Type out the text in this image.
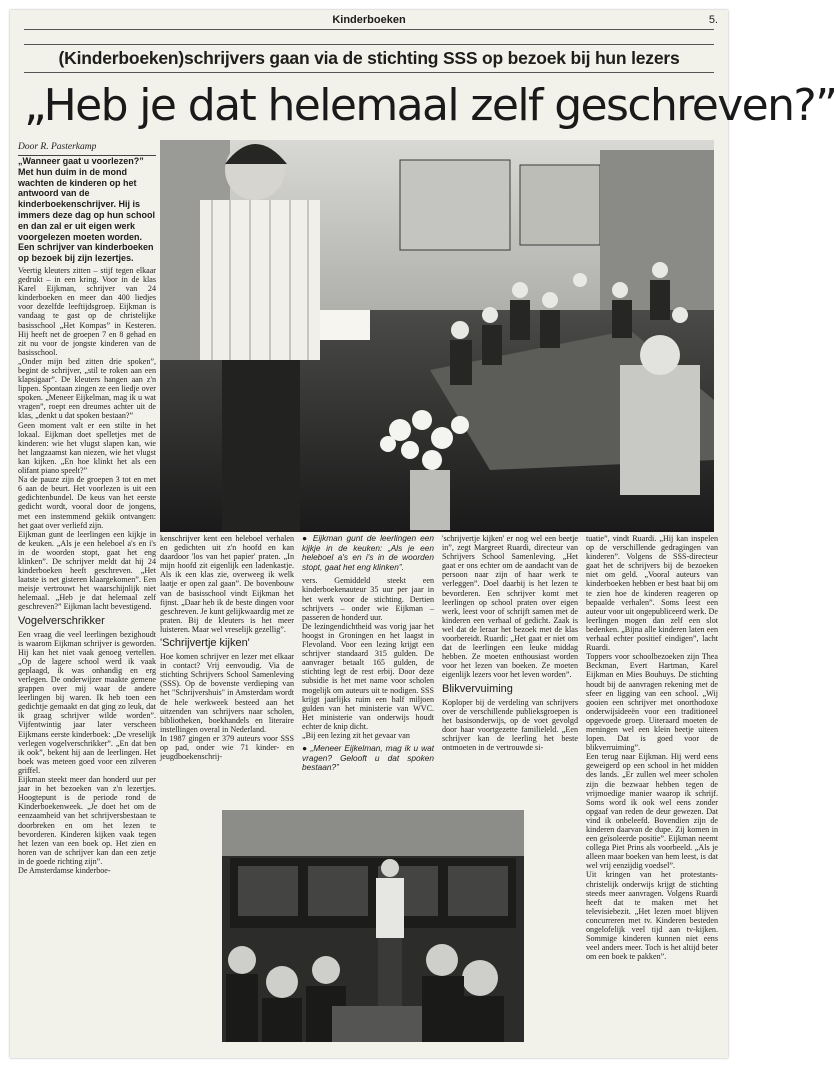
Kinderboeken	5.
(Kinderboeken)schrijvers gaan via de stichting SSS op bezoek bij hun lezers
„Heb je dat helemaal zelf geschreven?”

Door R. Pasterkamp

„Wanneer gaat u voorlezen?” Met hun duim in de mond wachten de kinderen op het antwoord van de kinderboekenschrijver. Hij is immers deze dag op hun school en dan zal er uit eigen werk voorgelezen moeten worden. Een schrijver van kinderboeken op bezoek bij zijn lezertjes.

Veertig kleuters zitten – stijf tegen elkaar gedrukt – in een kring. Voor in de klas Karel Eijkman, schrijver van 24 kinderboeken en meer dan 400 liedjes voor dezelfde leeftijdsgroep. Eijkman is vandaag te gast op de christelijke basisschool „Het Kompas” in Kesteren. Hij heeft net de groepen 7 en 8 gehad en zit nu voor de jongste kinderen van de basisschool.

„Onder mijn bed zitten drie spoken”, begint de schrijver, „stil te roken aan een klapsigaar”. De kleuters hangen aan z'n lippen. Spontaan zingen ze een liedje over spoken. „Meneer Eijkelman, mag ik u wat vragen”, roept een dreumes achter uit de klas, „denkt u dat spoken bestaan?”

Geen moment valt er een stilte in het lokaal. Eijkman doet spelletjes met de kinderen: wie het vlugst slapen kan, wie het langzaamst kan niezen, wie het vlugst kan kijken. „En hoe klinkt het als een olifant piano speelt?”

Na de pauze zijn de groepen 3 tot en met 6 aan de beurt. Het voorlezen is uit een gedichtenbundel. De keus van het eerste gedicht wordt, vooral door de jongens, met een instemmend gekiik ontvangen: het gaat over verliefd zijn.

Eijkman gunt de leerlingen een kijkje in de keuken. „Als je een heleboel a's en i's in de woorden stopt, gaat het eng klinken”. De schrijver meldt dat hij 24 kinderboeken heeft geschreven. „Het laatste is net gisteren klaargekomen”. Een meisje vertrouwt het waarschijnlijk niet helemaal. „Heb je dat helemaal zelf geschreven?” Eijkman lacht bevestigend.

Vogelverschrikker

Een vraag die veel leerlingen bezighoudt is waarom Eijkman schrijver is geworden. Hij kan het niet vaak genoeg vertellen. „Op de lagere school werd ik vaak geplaagd, ik was onhandig en erg verlegen. De onderwijzer maakte gemene grappen over mij waar de andere leerlingen bij waren. Ik heb toen een gedichtje gemaakt en dat ging zo leuk, dat ik graag schrijver wilde worden”. Vijfentwintig jaar later verscheen Eijkmans eerste kinderboek: „De vreselijk verlegen vogelverschrikker”. „En dat ben ik ook”, bekent hij aan de leerlingen. Het boek was meteen goed voor een zilveren griffel.

Eijkman steekt meer dan honderd uur per jaar in het bezoeken van z'n lezertjes. Hoogtepunt is de periode rond de Kinderboekenweek. „Je doet het om de eenzaamheid van het schrijversbestaan te doorbreken en om het lezen te bevorderen. Kinderen kijken vaak tegen het lezen van een boek op. Het zien en horen van de schrijver kan dan een zetje in de goede richting zijn”.

De Amsterdamse kinderboe-

kenschrijver kent een heleboel verhalen en gedichten uit z'n hoofd en kan daardoor 'los van het papier' praten. „In mijn hoofd zit eigenlijk een ladenkastje. Als ik een klas zie, overweeg ik welk laatje er open zal gaan”. De bovenbouw van de basisschool vindt Eijkman het fijnst. „Daar heb ik de beste dingen voor geschreven. Je kunt gelijkwaardig met ze praten. Bij de kleuters is het meer luisteren. Maar wel vreselijk gezellig”.

'Schrijvertje kijken'

Hoe komen schrijver en lezer met elkaar in contact? Vrij eenvoudig. Via de stichting Schrijvers School Samenleving (SSS). Op de bovenste verdieping van het "Schrijvershuis" in Amsterdam wordt de hele werkweek besteed aan het uitzenden van schrijvers naar scholen, bibliotheken, boekhandels en literaire instellingen overal in Nederland.

In 1987 gingen er 379 auteurs voor SSS op pad, onder wie 71 kinder- en jeugdboekenschrij-

● Eijkman gunt de leerlingen een kijkje in de keuken: „Als je een heleboel a's en i's in de woorden stopt, gaat het eng klinken”.

vers. Gemiddeld steekt een kinderboekenauteur 35 uur per jaar in het werk voor de stichting. Dertien schrijvers – onder wie Eijkman – passeren de honderd uur.

De lezingendichtheid was vorig jaar het hoogst in Groningen en het laagst in Flevoland. Voor een lezing krijgt een schrijver standaard 315 gulden. De aanvrager betaalt 165 gulden, de stichting legt de rest erbij. Door deze subsidie is het met name voor scholen mogelijk om auteurs uit te nodigen. SSS krijgt jaarlijks ruim een half miljoen gulden van het ministerie van WVC. Het ministerie van onderwijs houdt echter de knip dicht.

„Bij een lezing zit het gevaar van

● „Meneer Eijkelman, mag ik u wat vragen? Gelooft u dat spoken bestaan?”

'schrijvertje kijken' er nog wel een beetje in”, zegt Margreet Ruardi, directeur van Schrijvers School Samenleving. „Het gaat er ons echter om de aandacht van de persoon naar zijn of haar werk te verleggen”. Doel daarbij is het lezen te bevorderen. Een schrijver komt met leerlingen op school praten over eigen werk, leest voor of schrijft samen met de kinderen een verhaal of gedicht. Zaak is wel dat de leraar het bezoek met de klas voorbereidt. Ruardi: „Het gaat er niet om dat de leerlingen een leuke middag hebben. Ze moeten enthousiast worden voor het lezen van boeken. Ze moeten eigenlijk lezers voor het leven worden”.

Blikvervuiming

Koploper bij de verdeling van schrijvers over de verschillende publieksgroepen is het basisonderwijs, op de voet gevolgd door haar voortgezette familieleld. „Een schrijver kan de leerling het beste ontmoeten in de vertrouwde si-

tuatie”, vindt Ruardi. „Hij kan inspelen op de verschillende gedragingen van kinderen”. Volgens de SSS-directeur gaat het de schrijvers bij de bezoeken niet om geld. „Vooral auteurs van kinderboeken hebben er best baat bij om te zien hoe de kinderen reageren op bepaalde verhalen”. Soms leest een auteur voor uit ongepubliceerd werk. De leerlingen mogen dan zelf een slot bedenken. „Bijna alle kinderen laten een verhaal echter positief eindigen”, lacht Ruardi.

Toppers voor schoolbezoeken zijn Thea Beckman, Evert Hartman, Karel Eijkman en Mies Bouhuys. De stichting houdt bij de aanvragen rekening met de sfeer en ligging van een school. „Wij gooien een schrijver met onorthodoxe onderwijsideeën voor een traditioneel opgevoede groep. Uiteraard moeten de meningen wel een klein beetje uiteen lopen. Dat is goed voor de blikverruiming”.

Een terug naar Eijkman. Hij werd eens geweigerd op een school in het midden des lands. „Er zullen wel meer scholen zijn die bezwaar hebben tegen de vrijmoedige manier waarop ik schrijf. Soms word ik ook wel eens zonder opgaaf van reden de deur gewezen. Dat vind ik onbeleefd. Bovendien zijn de kinderen daarvan de dupe. Zij komen in een geïsoleerde positie”. Eijkman neemt collega Piet Prins als voorbeeld. „Als je alleen maar boeken van hem leest, is dat wel vrij eenzijdig voedsel”.

Uit kringen van het protestants-christelijk onderwijs krijgt de stichting steeds meer aanvragen. Volgens Ruardi heeft dat te maken met het televisiebezit. „Het lezen moet blijven concurreren met tv. Kinderen besteden ongelofelijk veel tijd aan tv-kijken. Sommige kinderen kunnen niet eens veel anders meer. Toch is het altijd beter om een boek te pakken”.
